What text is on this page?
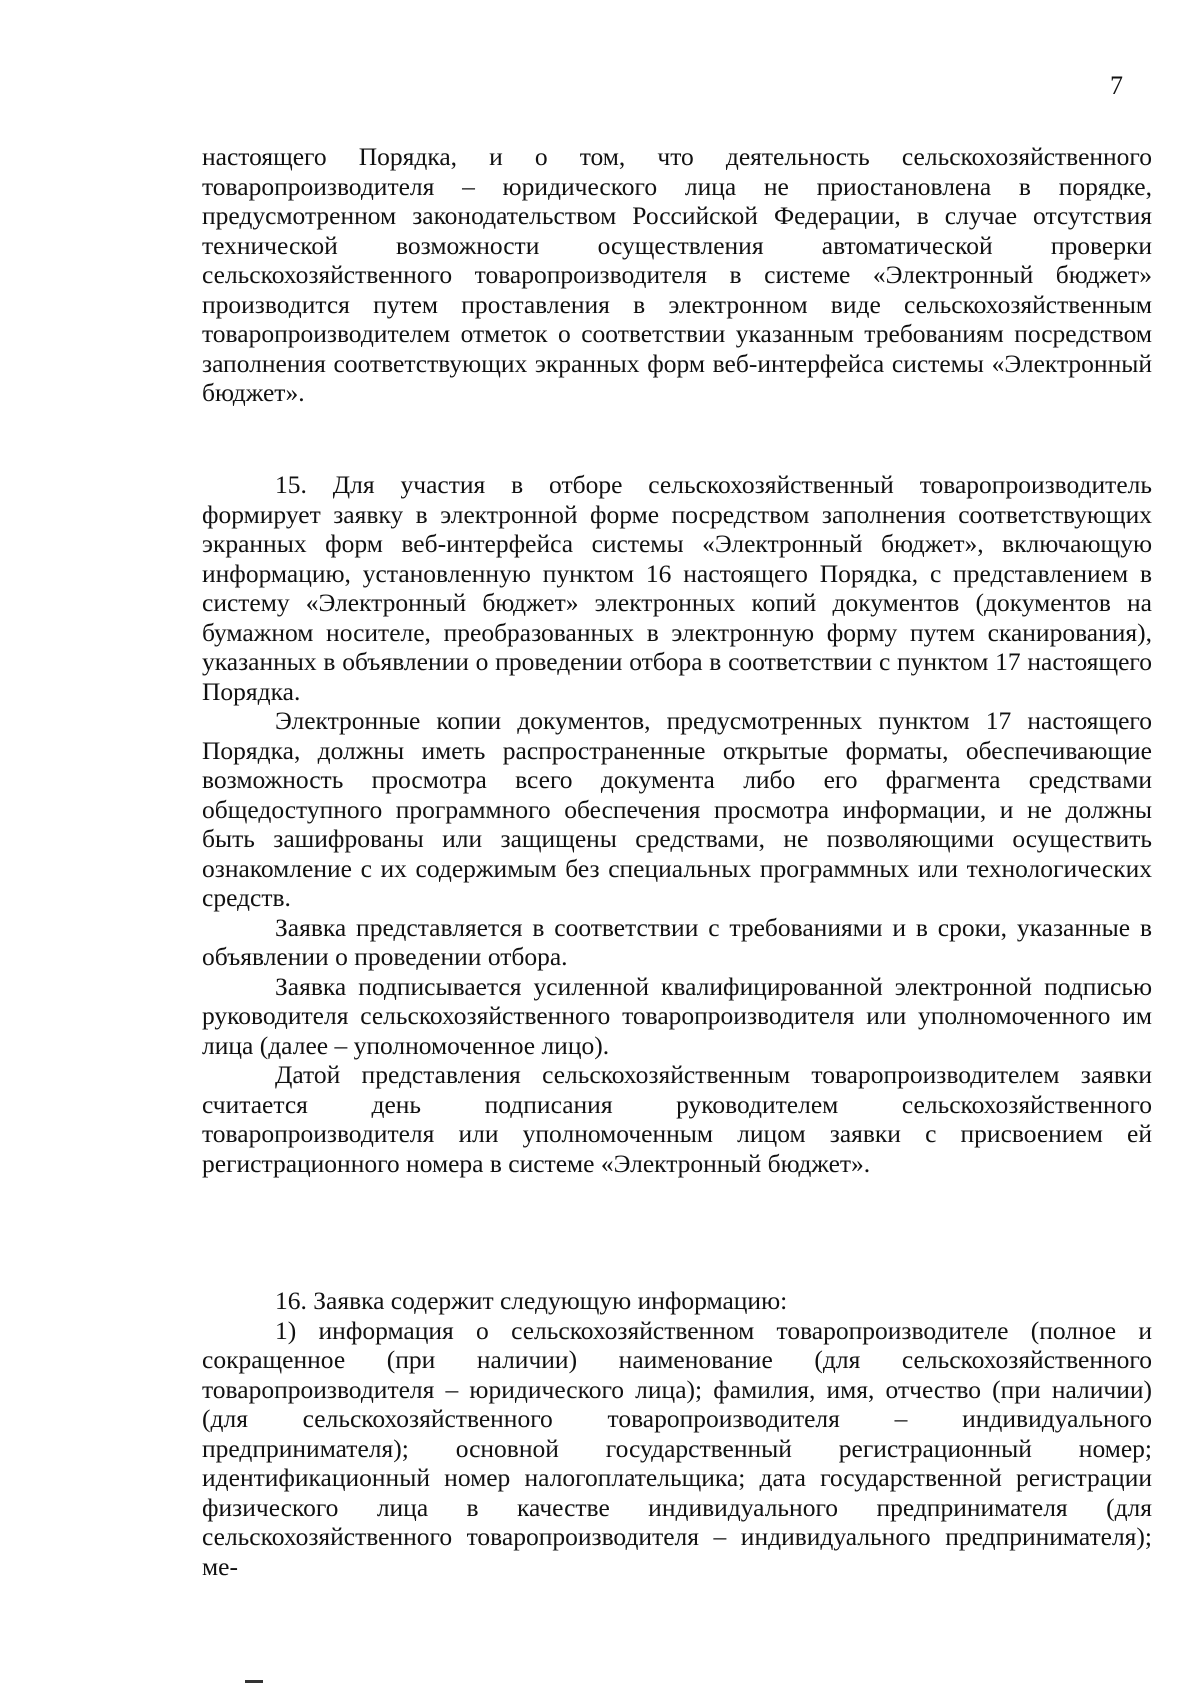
7

настоящего Порядка, и о том, что деятельность сельскохозяйственного товаропроизводителя – юридического лица не приостановлена в порядке, предусмотренном законодательством Российской Федерации, в случае отсутствия технической возможности осуществления автоматической проверки сельскохозяйственного товаропроизводителя в системе «Электронный бюджет» производится путем проставления в электронном виде сельскохозяйственным товаропроизводителем отметок о соответствии указанным требованиям посредством заполнения соответствующих экранных форм веб-интерфейса системы «Электронный бюджет».

15. Для участия в отборе сельскохозяйственный товаропроизводитель формирует заявку в электронной форме посредством заполнения соответствующих экранных форм веб-интерфейса системы «Электронный бюджет», включающую информацию, установленную пунктом 16 настоящего Порядка, с представлением в систему «Электронный бюджет» электронных копий документов (документов на бумажном носителе, преобразованных в электронную форму путем сканирования), указанных в объявлении о проведении отбора в соответствии с пунктом 17 настоящего Порядка.

Электронные копии документов, предусмотренных пунктом 17 настоящего Порядка, должны иметь распространенные открытые форматы, обеспечивающие возможность просмотра всего документа либо его фрагмента средствами общедоступного программного обеспечения просмотра информации, и не должны быть зашифрованы или защищены средствами, не позволяющими осуществить ознакомление с их содержимым без специальных программных или технологических средств.

Заявка представляется в соответствии с требованиями и в сроки, указанные в объявлении о проведении отбора.

Заявка подписывается усиленной квалифицированной электронной подписью руководителя сельскохозяйственного товаропроизводителя или уполномоченного им лица (далее – уполномоченное лицо).

Датой представления сельскохозяйственным товаропроизводителем заявки считается день подписания руководителем сельскохозяйственного товаропроизводителя или уполномоченным лицом заявки с присвоением ей регистрационного номера в системе «Электронный бюджет».

16. Заявка содержит следующую информацию:

1) информация о сельскохозяйственном товаропроизводителе (полное и сокращенное (при наличии) наименование (для сельскохозяйственного товаропроизводителя – юридического лица); фамилия, имя, отчество (при наличии) (для сельскохозяйственного товаропроизводителя – индивидуального предпринимателя); основной государственный регистрационный номер; идентификационный номер налогоплательщика; дата государственной регистрации физического лица в качестве индивидуального предпринимателя (для сельскохозяйственного товаропроизводителя – индивидуального предпринимателя); ме-
